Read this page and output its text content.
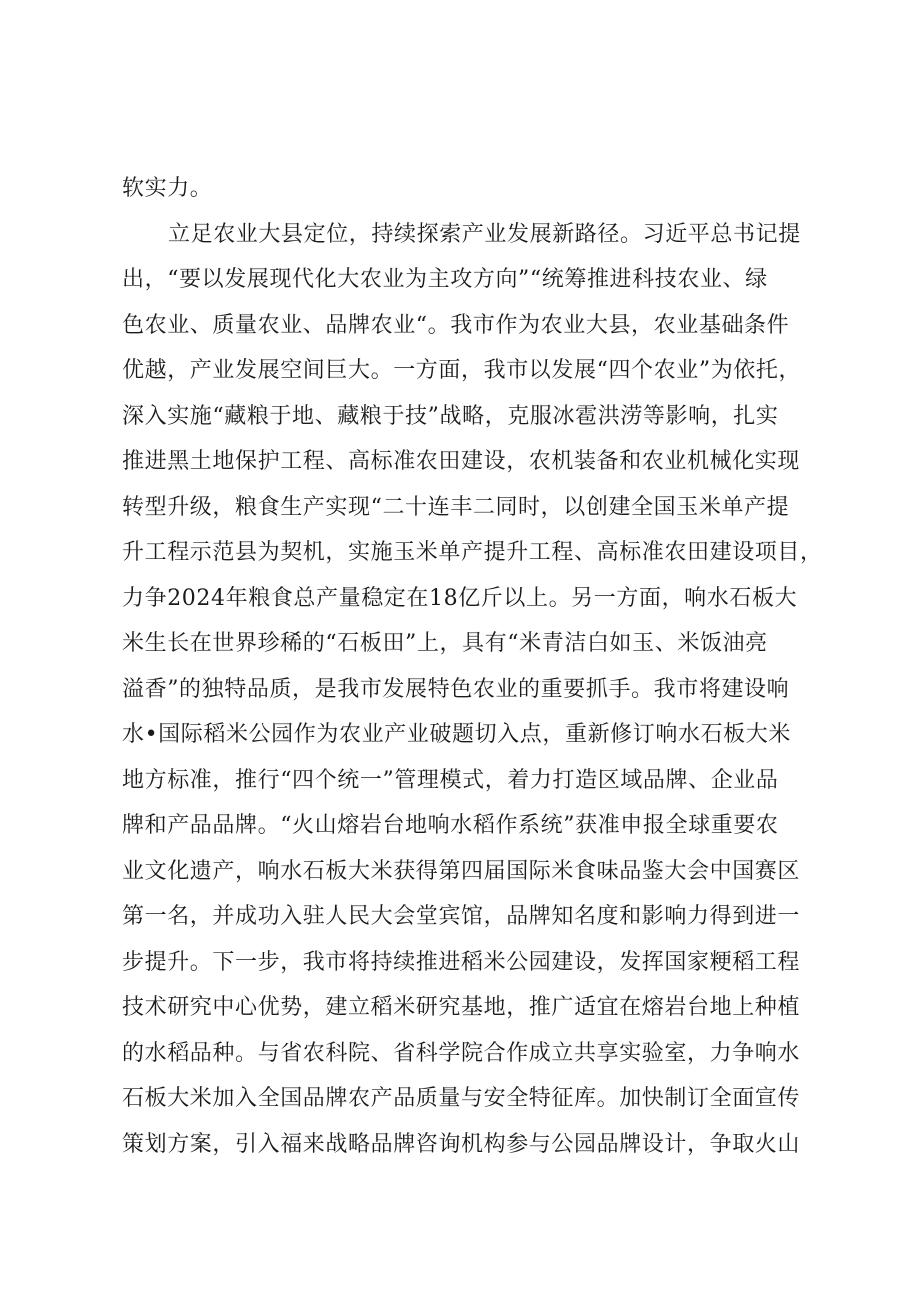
软实力。
立足农业大县定位，持续探索产业发展新路径。习近平总书记提
出，“要以发展现代化大农业为主攻方向”“统筹推进科技农业、绿
色农业、质量农业、品牌农业“。我市作为农业大县，农业基础条件
优越，产业发展空间巨大。一方面，我市以发展“四个农业”为依托，
深入实施“藏粮于地、藏粮于技”战略，克服冰雹洪涝等影响，扎实
推进黑土地保护工程、高标准农田建设，农机装备和农业机械化实现
转型升级，粮食生产实现“二十连丰二同时，以创建全国玉米单产提
升工程示范县为契机，实施玉米单产提升工程、高标准农田建设项目，
力争2024年粮食总产量稳定在18亿斤以上。另一方面，响水石板大
米生长在世界珍稀的“石板田”上，具有“米青洁白如玉、米饭油亮
溢香”的独特品质，是我市发展特色农业的重要抓手。我市将建设响
水•国际稻米公园作为农业产业破题切入点，重新修订响水石板大米
地方标准，推行“四个统一”管理模式，着力打造区域品牌、企业品
牌和产品品牌。“火山熔岩台地响水稻作系统”获准申报全球重要农
业文化遗产，响水石板大米获得第四届国际米食味品鉴大会中国赛区
第一名，并成功入驻人民大会堂宾馆，品牌知名度和影响力得到进一
步提升。下一步，我市将持续推进稻米公园建设，发挥国家粳稻工程
技术研究中心优势，建立稻米研究基地，推广适宜在熔岩台地上种植
的水稻品种。与省农科院、省科学院合作成立共享实验室，力争响水
石板大米加入全国品牌农产品质量与安全特征库。加快制订全面宣传
策划方案，引入福来战略品牌咨询机构参与公园品牌设计，争取火山
